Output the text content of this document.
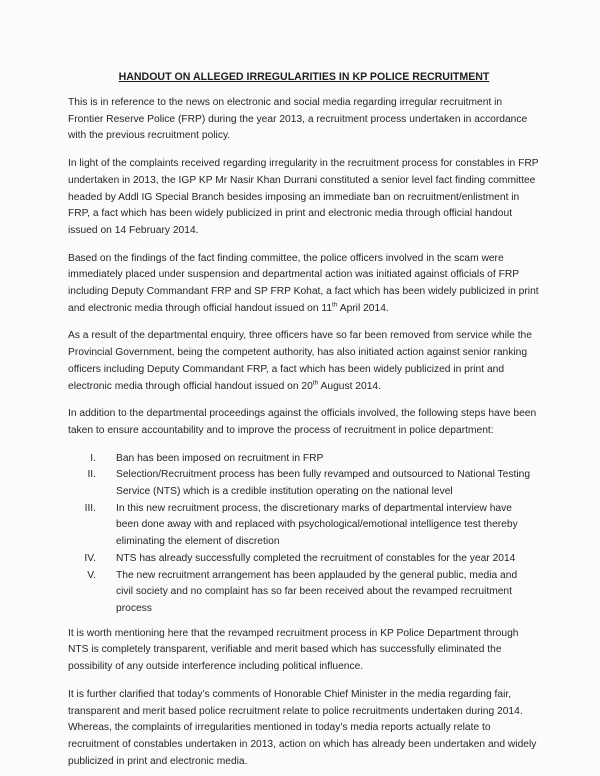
HANDOUT ON ALLEGED IRREGULARITIES IN KP POLICE RECRUITMENT

This is in reference to the news on electronic and social media regarding irregular recruitment in Frontier Reserve Police (FRP) during the year 2013, a recruitment process undertaken in accordance with the previous recruitment policy.

In light of the complaints received regarding irregularity in the recruitment process for constables in FRP undertaken in 2013, the IGP KP Mr Nasir Khan Durrani constituted a senior level fact finding committee headed by Addl IG Special Branch besides imposing an immediate ban on recruitment/enlistment in FRP, a fact which has been widely publicized in print and electronic media through official handout issued on 14 February 2014.

Based on the findings of the fact finding committee, the police officers involved in the scam were immediately placed under suspension and departmental action was initiated against officials of FRP including Deputy Commandant FRP and SP FRP Kohat, a fact which has been widely publicized in print and electronic media through official handout issued on 11th April 2014.

As a result of the departmental enquiry, three officers have so far been removed from service while the Provincial Government, being the competent authority, has also initiated action against senior ranking officers including Deputy Commandant FRP, a fact which has been widely publicized in print and electronic media through official handout issued on 20th August 2014.

In addition to the departmental proceedings against the officials involved, the following steps have been taken to ensure accountability and to improve the process of recruitment in police department:

I.	Ban has been imposed on recruitment in FRP
II.	Selection/Recruitment process has been fully revamped and outsourced to National Testing Service (NTS) which is a credible institution operating on the national level
III.	In this new recruitment process, the discretionary marks of departmental interview have been done away with and replaced with psychological/emotional intelligence test thereby eliminating the element of discretion
IV.	NTS has already successfully completed the recruitment of constables for the year 2014
V.	The new recruitment arrangement has been applauded by the general public, media and civil society and no complaint has so far been received about the revamped recruitment process

It is worth mentioning here that the revamped recruitment process in KP Police Department through NTS is completely transparent, verifiable and merit based which has successfully eliminated the possibility of any outside interference including political influence.

It is further clarified that today’s comments of Honorable Chief Minister in the media regarding fair, transparent and merit based police recruitment relate to police recruitments undertaken during 2014. Whereas, the complaints of irregularities mentioned in today’s media reports actually relate to recruitment of constables undertaken in 2013, action on which has already been undertaken and widely publicized in print and electronic media.
